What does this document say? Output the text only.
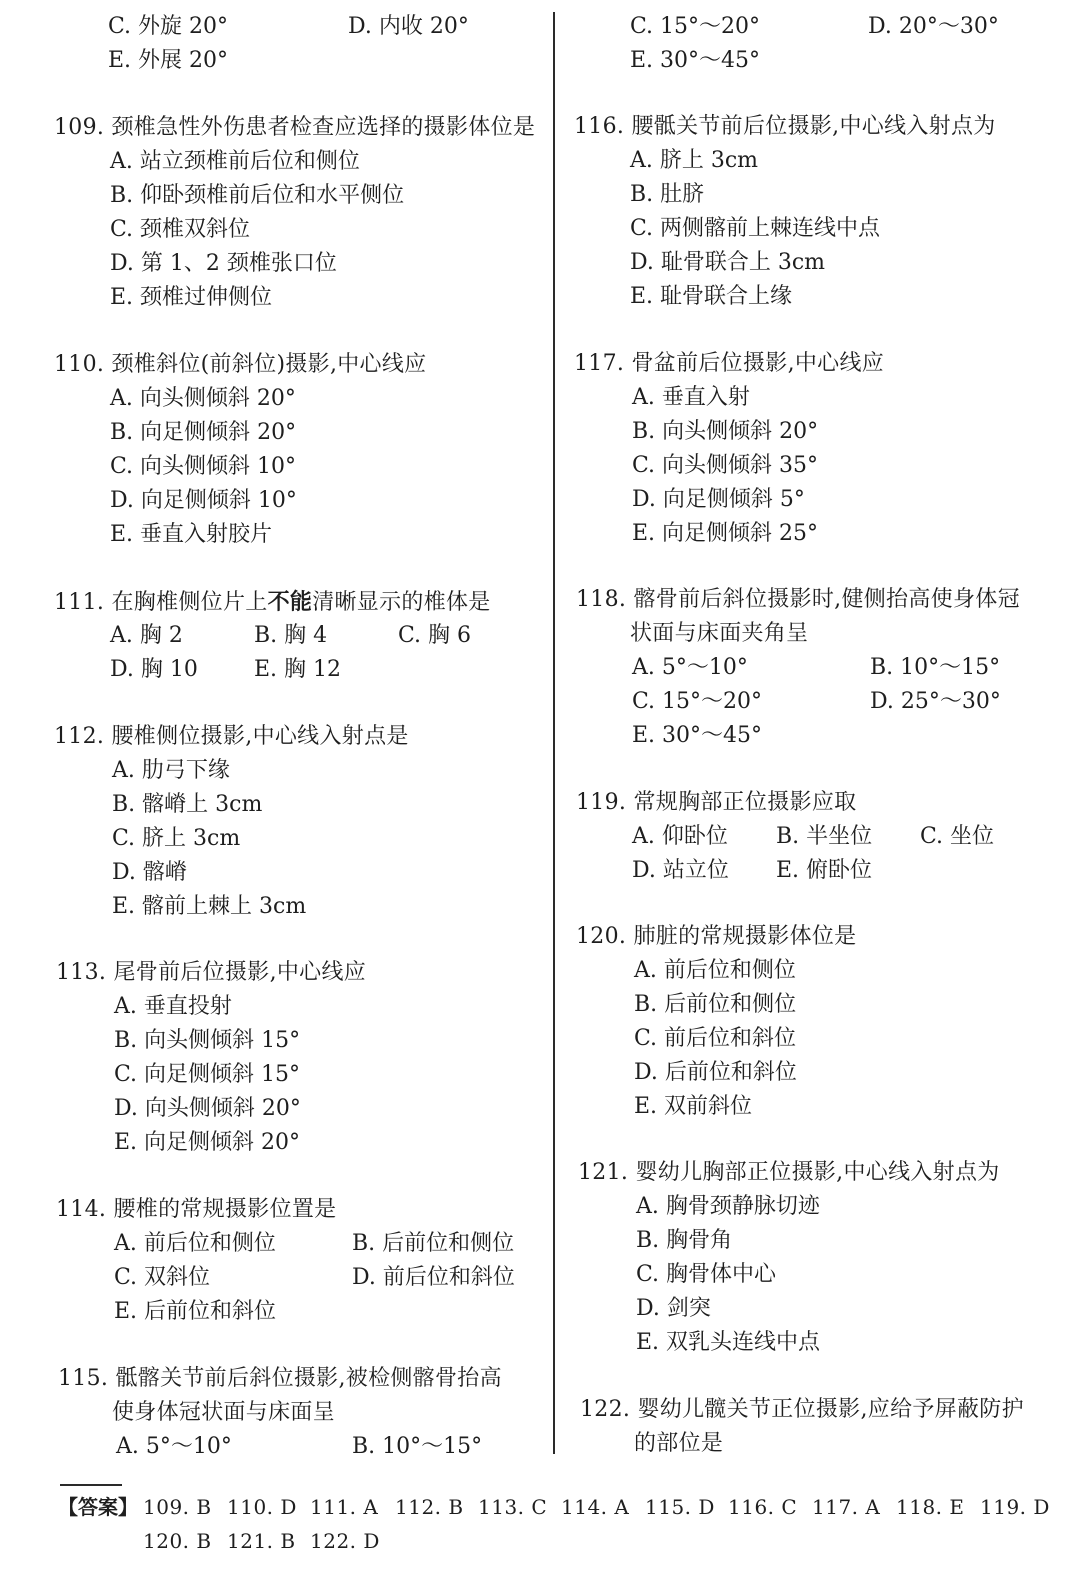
C. 外旋 20°	D. 内收 20°
E. 外展 20°
109. 颈椎急性外伤患者检查应选择的摄影体位是
A. 站立颈椎前后位和侧位
B. 仰卧颈椎前后位和水平侧位
C. 颈椎双斜位
D. 第 1、2 颈椎张口位
E. 颈椎过伸侧位
110. 颈椎斜位(前斜位)摄影,中心线应
A. 向头侧倾斜 20°
B. 向足侧倾斜 20°
C. 向头侧倾斜 10°
D. 向足侧倾斜 10°
E. 垂直入射胶片
111. 在胸椎侧位片上不能清晰显示的椎体是
A. 胸 2	B. 胸 4	C. 胸 6
D. 胸 10	E. 胸 12
112. 腰椎侧位摄影,中心线入射点是
A. 肋弓下缘
B. 髂嵴上 3cm
C. 脐上 3cm
D. 髂嵴
E. 髂前上棘上 3cm
113. 尾骨前后位摄影,中心线应
A. 垂直投射
B. 向头侧倾斜 15°
C. 向足侧倾斜 15°
D. 向头侧倾斜 20°
E. 向足侧倾斜 20°
114. 腰椎的常规摄影位置是
A. 前后位和侧位	B. 后前位和侧位
C. 双斜位	D. 前后位和斜位
E. 后前位和斜位
115. 骶髂关节前后斜位摄影,被检侧髂骨抬高
使身体冠状面与床面呈
A. 5°～10°	B. 10°～15°
C. 15°～20°	D. 20°～30°
E. 30°～45°
116. 腰骶关节前后位摄影,中心线入射点为
A. 脐上 3cm
B. 肚脐
C. 两侧髂前上棘连线中点
D. 耻骨联合上 3cm
E. 耻骨联合上缘
117. 骨盆前后位摄影,中心线应
A. 垂直入射
B. 向头侧倾斜 20°
C. 向头侧倾斜 35°
D. 向足侧倾斜 5°
E. 向足侧倾斜 25°
118. 髂骨前后斜位摄影时,健侧抬高使身体冠
状面与床面夹角呈
A. 5°～10°	B. 10°～15°
C. 15°～20°	D. 25°～30°
E. 30°～45°
119. 常规胸部正位摄影应取
A. 仰卧位 B. 半坐位 C. 坐位
D. 站立位 E. 俯卧位
120. 肺脏的常规摄影体位是
A. 前后位和侧位
B. 后前位和侧位
C. 前后位和斜位
D. 后前位和斜位
E. 双前斜位
121. 婴幼儿胸部正位摄影,中心线入射点为
A. 胸骨颈静脉切迹
B. 胸骨角
C. 胸骨体中心
D. 剑突
E. 双乳头连线中点
122. 婴幼儿髋关节正位摄影,应给予屏蔽防护
的部位是
【答案】 109. B 110. D 111. A 112. B 113. C 114. A 115. D 116. C 117. A 118. E 119. D
120. B 121. B 122. D
